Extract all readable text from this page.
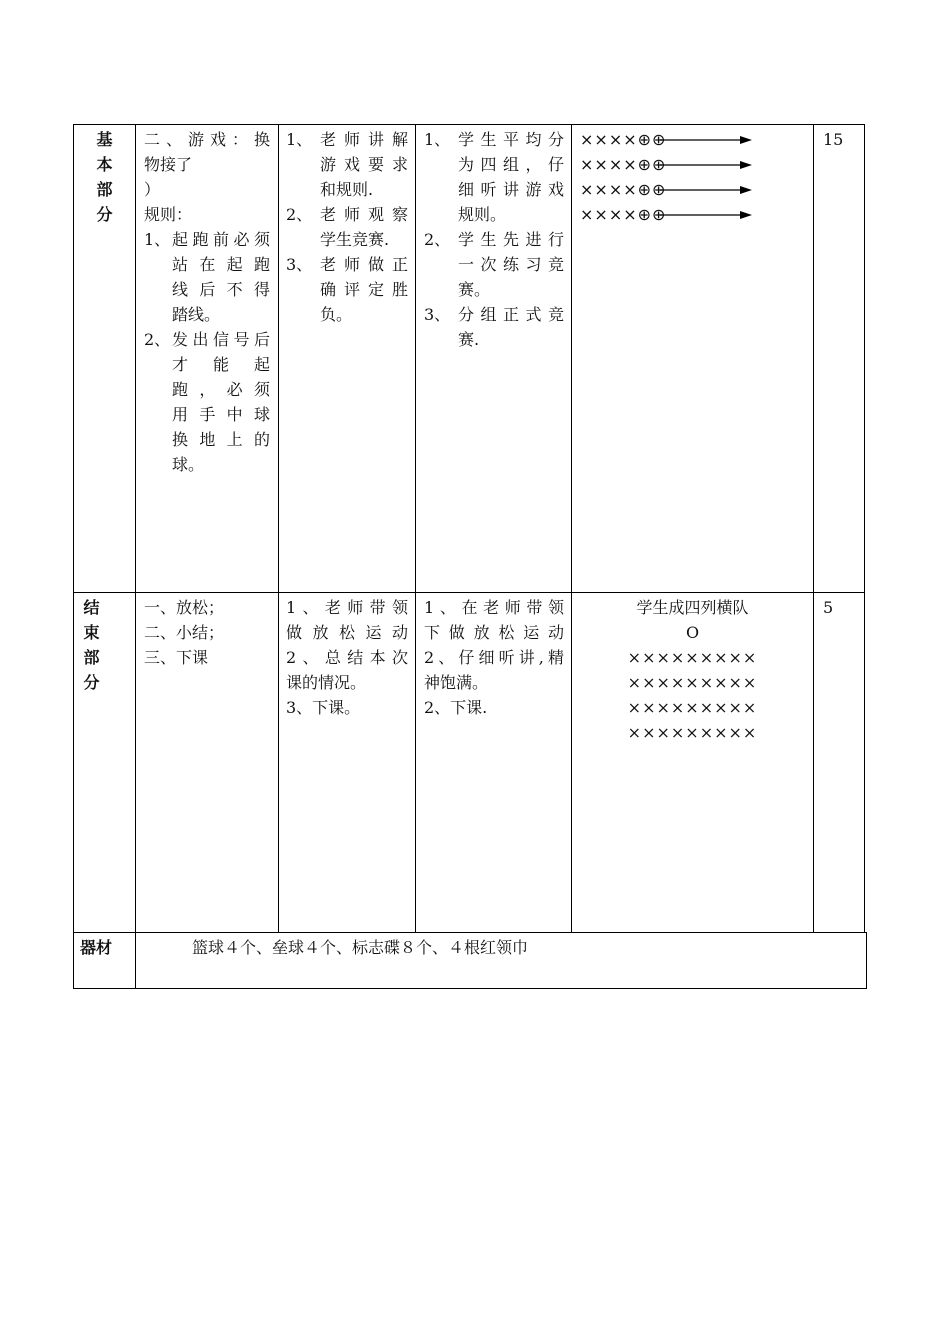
基
本
部
分

二、游戏：换

物接了

）

规则：

1、 起跑前必须

站在起跑

线后不得

踏线。

2、 发出信号后

才 能 起

跑，必须

用手中球

换地上的

球。

1、 老师讲解

游戏要求

和规则.

2、 老师观察

学生竞赛.

3、 老师做正

确评定胜

负。

1、 学生平均分

为四组，仔

细听讲游戏

规则。

2、 学生先进行

一次练习竞

赛。

3、 分组正式竞

赛.

××××⊕⊕
××××⊕⊕
××××⊕⊕
××××⊕⊕
15
结
束
部
分

一、放松；

二、小结；

三、下课

1、老师带领

做放松运动

2、总结本次

课的情况。

3、下课。

1、在老师带领

下做放松运动

2、仔细听讲,精

神饱满。

2、下课.

学生成四列横队

O

×××××××××

×××××××××

×××××××××

×××××××××

5
器材	篮球４个、垒球４个、标志碟８个、４根红领巾
